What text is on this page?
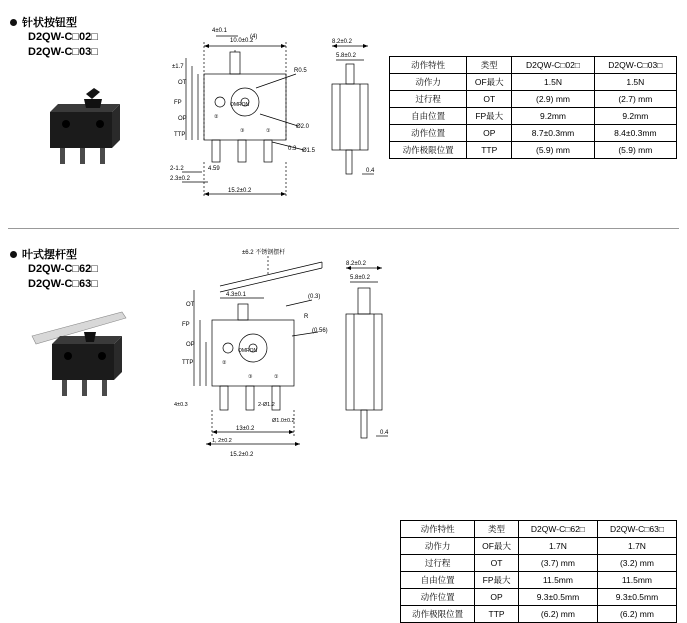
针状按钮型
D2QW-C□02□
D2QW-C□03□
10.0±0.2
4±0.1
(4)
±1.7
OT
FP
OP
TTP
R0.5
Ø2.0
Ø1.5
OMRON
②
③	①
15.2±0.2
2-1.2
2.3±0.2
4.59
0.3
8.2±0.2
5.8±0.2
0.4
动作特性	类型	D2QW-C□02□	D2QW-C□03□
动作力	OF最大	1.5N	1.5N
过行程	OT	(2.9) mm	(2.7) mm
自由位置	FP最大	9.2mm	9.2mm
动作位置	OP	8.7±0.3mm	8.4±0.3mm
动作极限位置	TTP	(5.9) mm	(5.9) mm
叶式摆杆型
D2QW-C□62□
D2QW-C□63□
±6.2 不锈钢摆杆
4.3±0.1	(0.3)
(0.56)
R
OT
FP
OP
TTP
OMRON
②
③	①
13±0.2
15.2±0.2
1, 2±0.2
4±0.3	2-Ø1.2
Ø1.0±0.2
8.2±0.2
5.8±0.2
0.4
动作特性	类型	D2QW-C□62□	D2QW-C□63□
动作力	OF最大	1.7N	1.7N
过行程	OT	(3.7) mm	(3.2) mm
自由位置	FP最大	11.5mm	11.5mm
动作位置	OP	9.3±0.5mm	9.3±0.5mm
动作极限位置	TTP	(6.2) mm	(6.2) mm
